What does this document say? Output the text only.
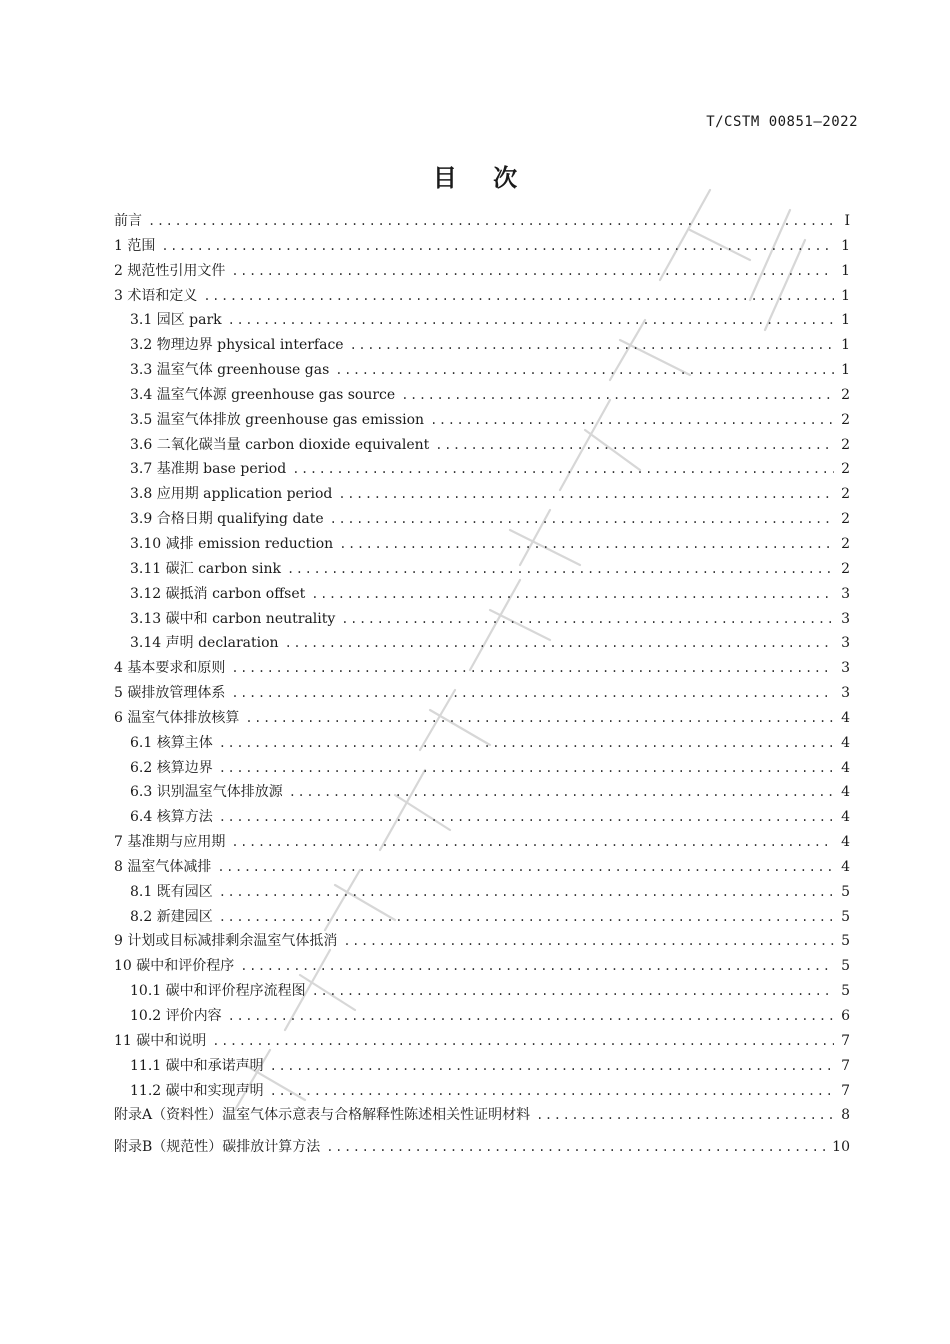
T/CSTM 00851—2022
目 次
前言 .....	I
1 范围 .....	1
2 规范性引用文件 .....	1
3 术语和定义 .....	1
3.1 园区 park .....	1
3.2 物理边界 physical interface .....	1
3.3 温室气体 greenhouse gas .....	1
3.4 温室气体源 greenhouse gas source .....	2
3.5 温室气体排放 greenhouse gas emission .....	2
3.6 二氧化碳当量 carbon dioxide equivalent .....	2
3.7 基准期 base period .....	2
3.8 应用期 application period .....	2
3.9 合格日期 qualifying date .....	2
3.10 减排 emission reduction .....	2
3.11 碳汇 carbon sink .....	2
3.12 碳抵消 carbon offset .....	3
3.13 碳中和 carbon neutrality .....	3
3.14 声明 declaration .....	3
4 基本要求和原则 .....	3
5 碳排放管理体系 .....	3
6 温室气体排放核算 .....	4
6.1 核算主体 .....	4
6.2 核算边界 .....	4
6.3 识别温室气体排放源 .....	4
6.4 核算方法 .....	4
7 基准期与应用期 .....	4
8 温室气体减排 .....	4
8.1 既有园区 .....	5
8.2 新建园区 .....	5
9 计划或目标减排剩余温室气体抵消 .....	5
10 碳中和评价程序 .....	5
10.1 碳中和评价程序流程图 .....	5
10.2 评价内容 .....	6
11 碳中和说明 .....	7
11.1 碳中和承诺声明 .....	7
11.2 碳中和实现声明 .....	7
附录A（资料性）温室气体示意表与合格解释性陈述相关性证明材料 .....	8
附录B（规范性）碳排放计算方法 .....	10
